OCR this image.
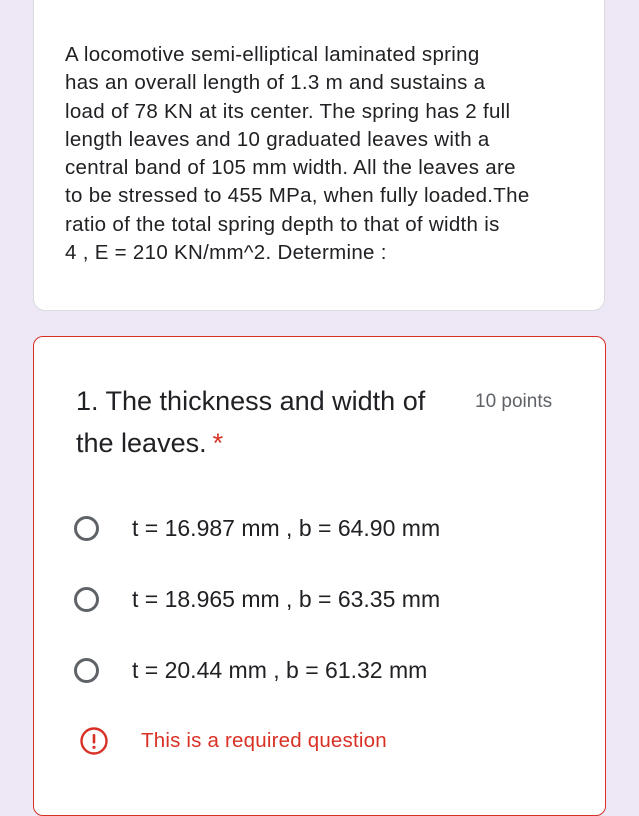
A locomotive semi-elliptical laminated spring
has an overall length of 1.3 m and sustains a
load of 78 KN at its center. The spring has 2 full
length leaves and 10 graduated leaves with a
central band of 105 mm width. All the leaves are
to be stressed to 455 MPa, when fully loaded.The
ratio of the total spring depth to that of width is
4 , E = 210 KN/mm^2. Determine :
1. The thickness and width of the leaves. *
10 points
t = 16.987 mm , b = 64.90 mm
t = 18.965 mm , b = 63.35 mm
t = 20.44 mm , b = 61.32 mm
This is a required question
